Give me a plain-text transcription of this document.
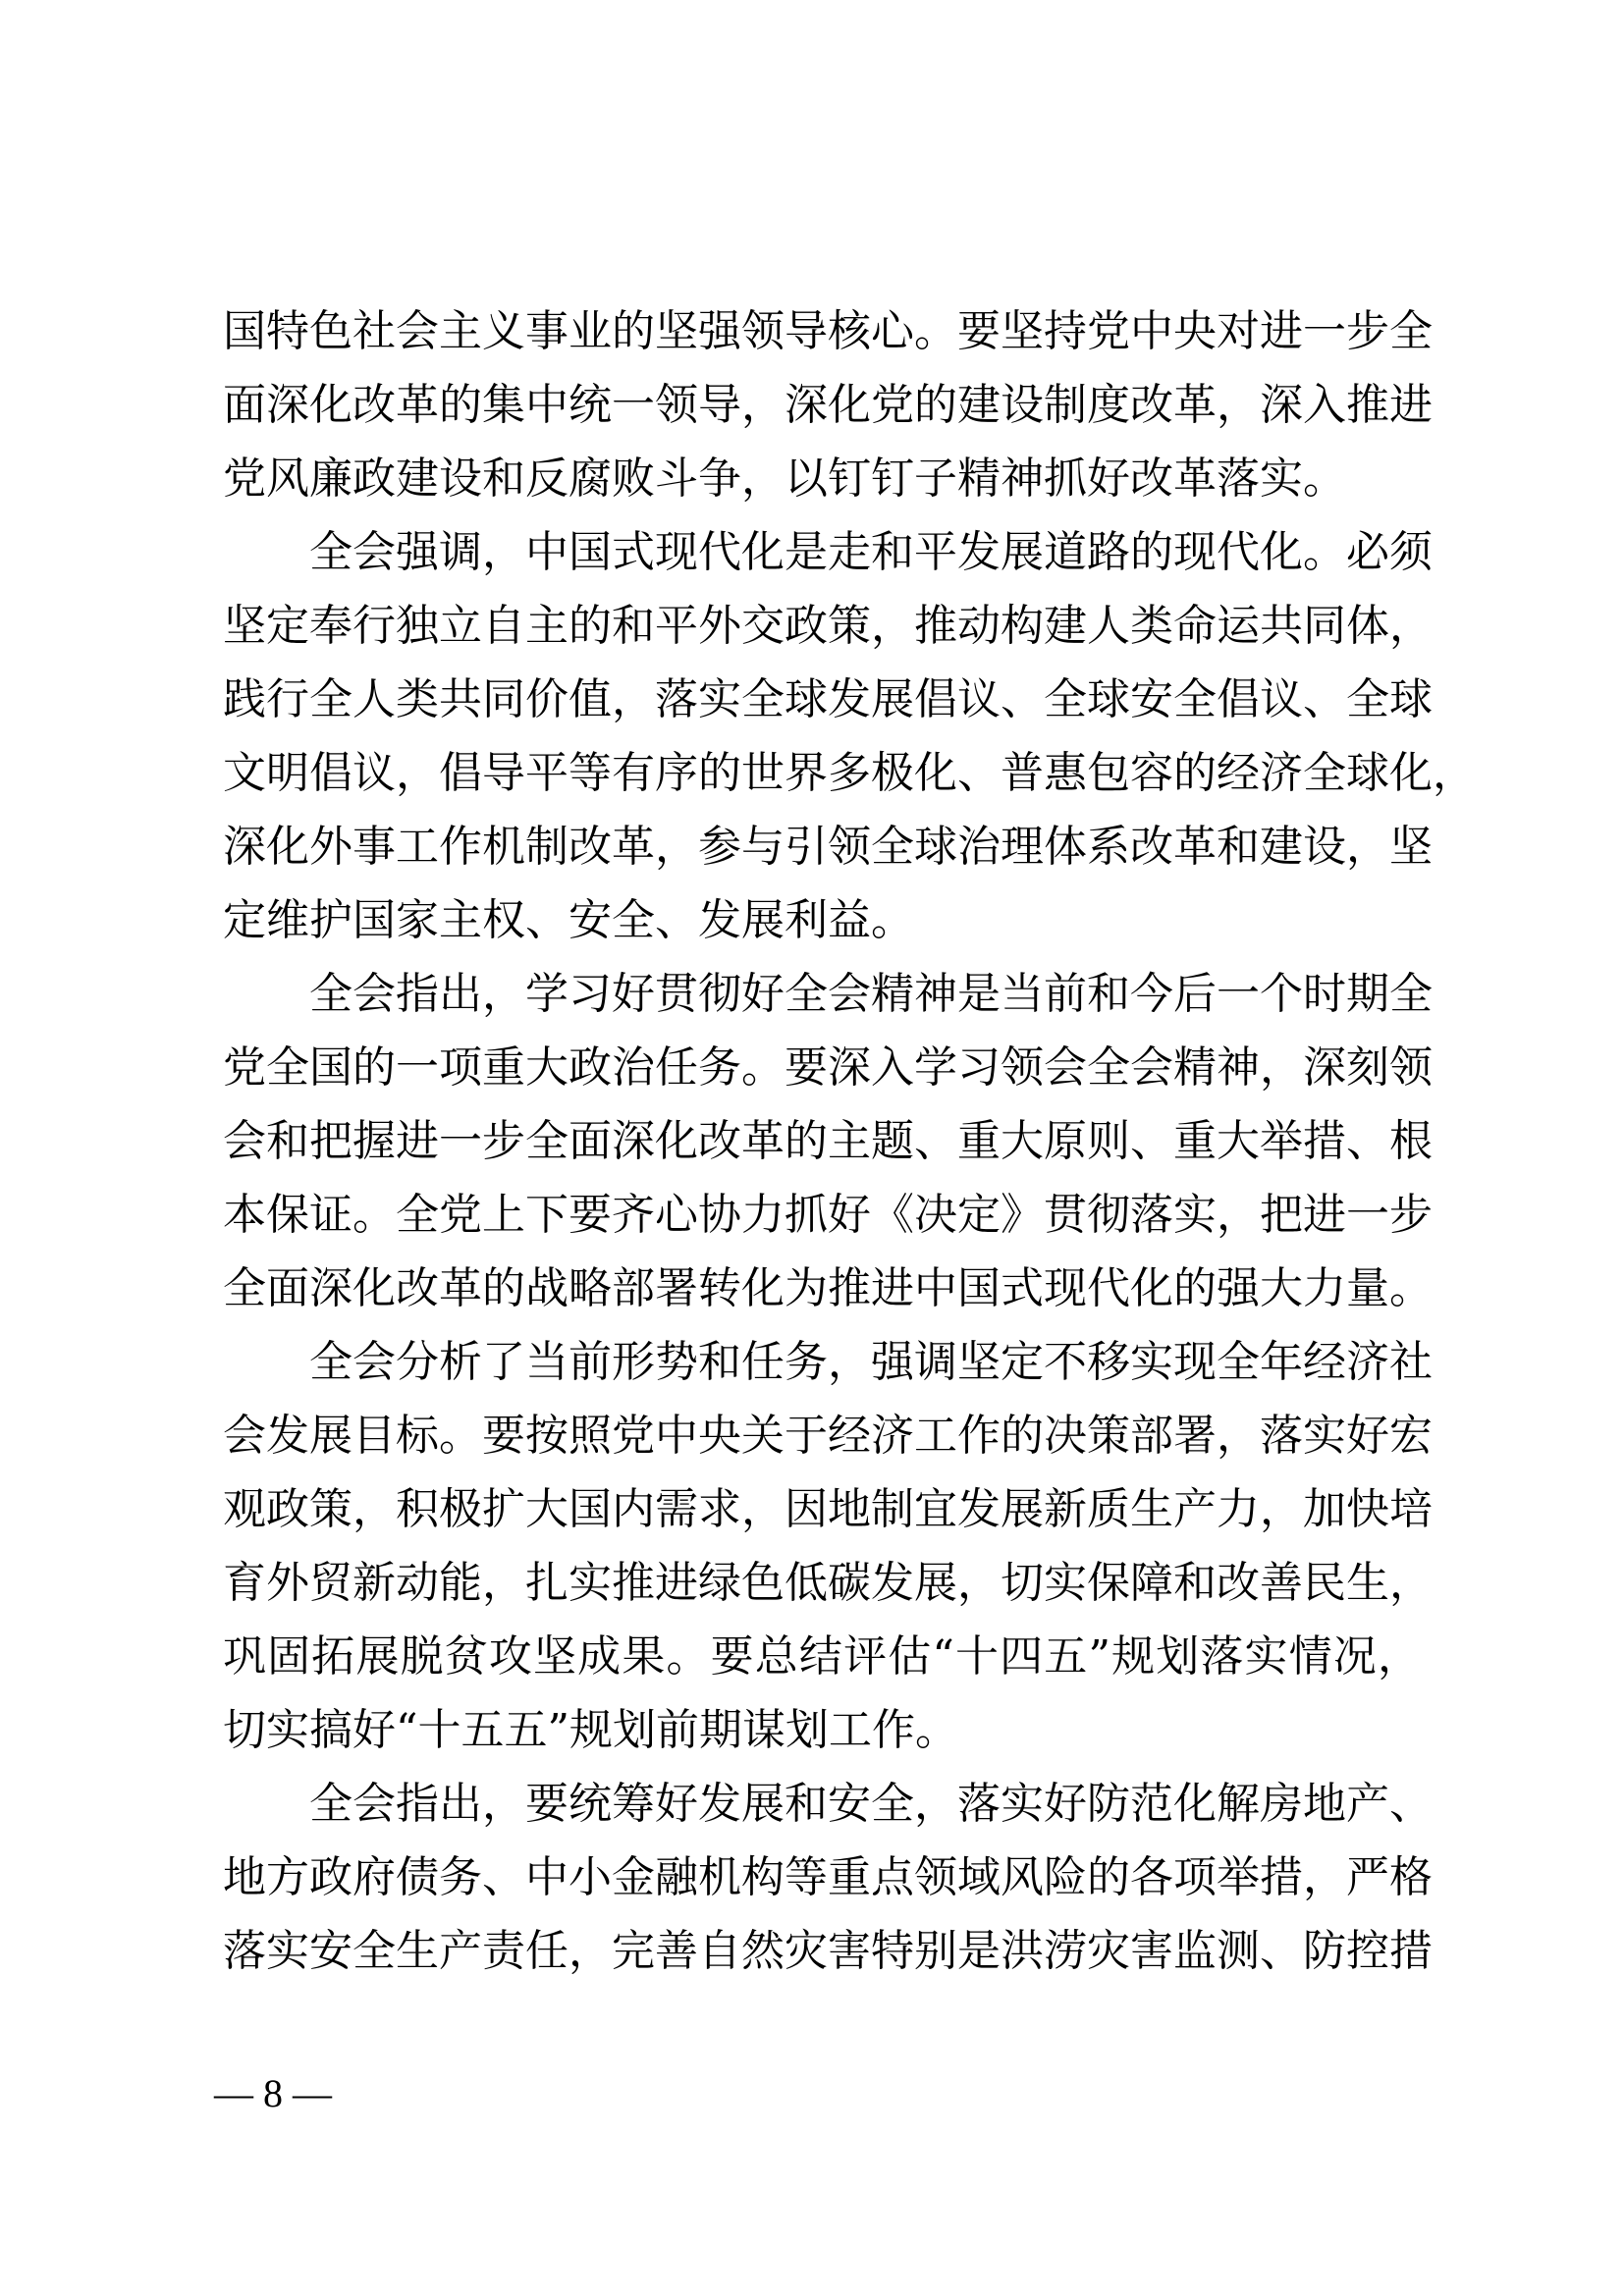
国特色社会主义事业的坚强领导核心。要坚持党中央对进一步全
面深化改革的集中统一领导，深化党的建设制度改革，深入推进
党风廉政建设和反腐败斗争，以钉钉子精神抓好改革落实。
全会强调，中国式现代化是走和平发展道路的现代化。必须
坚定奉行独立自主的和平外交政策，推动构建人类命运共同体，
践行全人类共同价值，落实全球发展倡议、全球安全倡议、全球
文明倡议，倡导平等有序的世界多极化、普惠包容的经济全球化，
深化外事工作机制改革，参与引领全球治理体系改革和建设，坚
定维护国家主权、安全、发展利益。
全会指出，学习好贯彻好全会精神是当前和今后一个时期全
党全国的一项重大政治任务。要深入学习领会全会精神，深刻领
会和把握进一步全面深化改革的主题、重大原则、重大举措、根
本保证。全党上下要齐心协力抓好《决定》贯彻落实，把进一步
全面深化改革的战略部署转化为推进中国式现代化的强大力量。
全会分析了当前形势和任务，强调坚定不移实现全年经济社
会发展目标。要按照党中央关于经济工作的决策部署，落实好宏
观政策，积极扩大国内需求，因地制宜发展新质生产力，加快培
育外贸新动能，扎实推进绿色低碳发展，切实保障和改善民生，
巩固拓展脱贫攻坚成果。要总结评估“十四五”规划落实情况，
切实搞好“十五五”规划前期谋划工作。
全会指出，要统筹好发展和安全，落实好防范化解房地产、
地方政府债务、中小金融机构等重点领域风险的各项举措，严格
落实安全生产责任，完善自然灾害特别是洪涝灾害监测、防控措
— 8 —
